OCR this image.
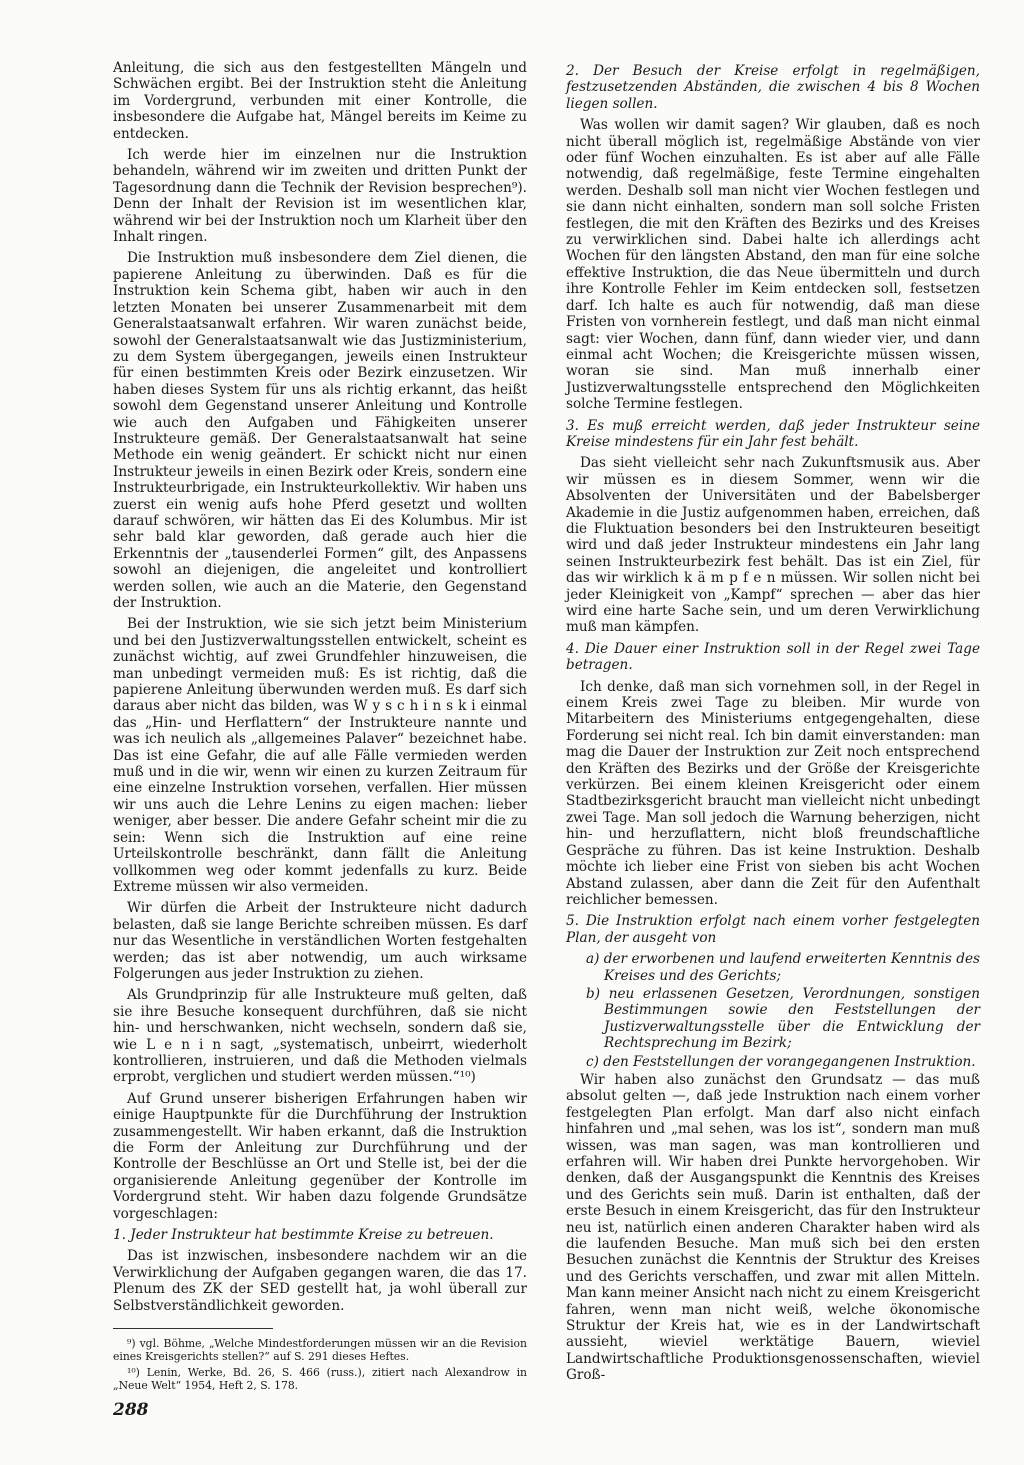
Anleitung, die sich aus den festgestellten Mängeln und Schwächen ergibt. Bei der Instruktion steht die Anleitung im Vordergrund, verbunden mit einer Kontrolle, die insbesondere die Aufgabe hat, Mängel bereits im Keime zu entdecken.

Ich werde hier im einzelnen nur die Instruktion behandeln, während wir im zweiten und dritten Punkt der Tagesordnung dann die Technik der Revision besprechen⁹). Denn der Inhalt der Revision ist im wesentlichen klar, während wir bei der Instruktion noch um Klarheit über den Inhalt ringen.

Die Instruktion muß insbesondere dem Ziel dienen, die papierene Anleitung zu überwinden. Daß es für die Instruktion kein Schema gibt, haben wir auch in den letzten Monaten bei unserer Zusammenarbeit mit dem Generalstaatsanwalt erfahren. Wir waren zunächst beide, sowohl der Generalstaatsanwalt wie das Justizministerium, zu dem System übergegangen, jeweils einen Instrukteur für einen bestimmten Kreis oder Bezirk einzusetzen. Wir haben dieses System für uns als richtig erkannt, das heißt sowohl dem Gegenstand unserer Anleitung und Kontrolle wie auch den Aufgaben und Fähigkeiten unserer Instrukteure gemäß. Der Generalstaatsanwalt hat seine Methode ein wenig geändert. Er schickt nicht nur einen Instrukteur jeweils in einen Bezirk oder Kreis, sondern eine Instrukteurbrigade, ein Instrukteurkollektiv. Wir haben uns zuerst ein wenig aufs hohe Pferd gesetzt und wollten darauf schwören, wir hätten das Ei des Kolumbus. Mir ist sehr bald klar geworden, daß gerade auch hier die Erkenntnis der „tausenderlei Formen“ gilt, des Anpassens sowohl an diejenigen, die angeleitet und kontrolliert werden sollen, wie auch an die Materie, den Gegenstand der Instruktion.

Bei der Instruktion, wie sie sich jetzt beim Ministerium und bei den Justizverwaltungsstellen entwickelt, scheint es zunächst wichtig, auf zwei Grundfehler hinzuweisen, die man unbedingt vermeiden muß: Es ist richtig, daß die papierene Anleitung überwunden werden muß. Es darf sich daraus aber nicht das bilden, was W y s c h i n s k i einmal das „Hin- und Herflattern“ der Instrukteure nannte und was ich neulich als „allgemeines Palaver“ bezeichnet habe. Das ist eine Gefahr, die auf alle Fälle vermieden werden muß und in die wir, wenn wir einen zu kurzen Zeitraum für eine einzelne Instruktion vorsehen, verfallen. Hier müssen wir uns auch die Lehre Lenins zu eigen machen: lieber weniger, aber besser. Die andere Gefahr scheint mir die zu sein: Wenn sich die Instruktion auf eine reine Urteilskontrolle beschränkt, dann fällt die Anleitung vollkommen weg oder kommt jedenfalls zu kurz. Beide Extreme müssen wir also vermeiden.

Wir dürfen die Arbeit der Instrukteure nicht dadurch belasten, daß sie lange Berichte schreiben müssen. Es darf nur das Wesentliche in verständlichen Worten festgehalten werden; das ist aber notwendig, um auch wirksame Folgerungen aus jeder Instruktion zu ziehen.

Als Grundprinzip für alle Instrukteure muß gelten, daß sie ihre Besuche konsequent durchführen, daß sie nicht hin- und herschwanken, nicht wechseln, sondern daß sie, wie L e n i n sagt, „systematisch, unbeirrt, wiederholt kontrollieren, instruieren, und daß die Methoden vielmals erprobt, verglichen und studiert werden müssen.“¹⁰)

Auf Grund unserer bisherigen Erfahrungen haben wir einige Hauptpunkte für die Durchführung der Instruktion zusammengestellt. Wir haben erkannt, daß die Instruktion die Form der Anleitung zur Durchführung und der Kontrolle der Beschlüsse an Ort und Stelle ist, bei der die organisierende Anleitung gegenüber der Kontrolle im Vordergrund steht. Wir haben dazu folgende Grundsätze vorgeschlagen:

1. Jeder Instrukteur hat bestimmte Kreise zu betreuen.

Das ist inzwischen, insbesondere nachdem wir an die Verwirklichung der Aufgaben gegangen waren, die das 17. Plenum des ZK der SED gestellt hat, ja wohl überall zur Selbstverständlichkeit geworden.

⁹) vgl. Böhme, „Welche Mindestforderungen müssen wir an die Revision eines Kreisgerichts stellen?“ auf S. 291 dieses Heftes.

¹⁰) Lenin, Werke, Bd. 26, S. 466 (russ.), zitiert nach Alexandrow in „Neue Welt“ 1954, Heft 2, S. 178.

2. Der Besuch der Kreise erfolgt in regelmäßigen, festzusetzenden Abständen, die zwischen 4 bis 8 Wochen liegen sollen.

Was wollen wir damit sagen? Wir glauben, daß es noch nicht überall möglich ist, regelmäßige Abstände von vier oder fünf Wochen einzuhalten. Es ist aber auf alle Fälle notwendig, daß regelmäßige, feste Termine eingehalten werden. Deshalb soll man nicht vier Wochen festlegen und sie dann nicht einhalten, sondern man soll solche Fristen festlegen, die mit den Kräften des Bezirks und des Kreises zu verwirklichen sind. Dabei halte ich allerdings acht Wochen für den längsten Abstand, den man für eine solche effektive Instruktion, die das Neue übermitteln und durch ihre Kontrolle Fehler im Keim entdecken soll, festsetzen darf. Ich halte es auch für notwendig, daß man diese Fristen von vornherein festlegt, und daß man nicht einmal sagt: vier Wochen, dann fünf, dann wieder vier, und dann einmal acht Wochen; die Kreisgerichte müssen wissen, woran sie sind. Man muß innerhalb einer Justizverwaltungsstelle entsprechend den Möglichkeiten solche Termine festlegen.

3. Es muß erreicht werden, daß jeder Instrukteur seine Kreise mindestens für ein Jahr fest behält.

Das sieht vielleicht sehr nach Zukunftsmusik aus. Aber wir müssen es in diesem Sommer, wenn wir die Absolventen der Universitäten und der Babelsberger Akademie in die Justiz aufgenommen haben, erreichen, daß die Fluktuation besonders bei den Instrukteuren beseitigt wird und daß jeder Instrukteur mindestens ein Jahr lang seinen Instrukteurbezirk fest behält. Das ist ein Ziel, für das wir wirklich k ä m p f e n müssen. Wir sollen nicht bei jeder Kleinigkeit von „Kampf“ sprechen — aber das hier wird eine harte Sache sein, und um deren Verwirklichung muß man kämpfen.

4. Die Dauer einer Instruktion soll in der Regel zwei Tage betragen.

Ich denke, daß man sich vornehmen soll, in der Regel in einem Kreis zwei Tage zu bleiben. Mir wurde von Mitarbeitern des Ministeriums entgegengehalten, diese Forderung sei nicht real. Ich bin damit einverstanden: man mag die Dauer der Instruktion zur Zeit noch entsprechend den Kräften des Bezirks und der Größe der Kreisgerichte verkürzen. Bei einem kleinen Kreisgericht oder einem Stadtbezirksgericht braucht man vielleicht nicht unbedingt zwei Tage. Man soll jedoch die Warnung beherzigen, nicht hin- und herzuflattern, nicht bloß freundschaftliche Gespräche zu führen. Das ist keine Instruktion. Deshalb möchte ich lieber eine Frist von sieben bis acht Wochen Abstand zulassen, aber dann die Zeit für den Aufenthalt reichlicher bemessen.

5. Die Instruktion erfolgt nach einem vorher festgelegten Plan, der ausgeht von

a) der erworbenen und laufend erweiterten Kenntnis des Kreises und des Gerichts;

b) neu erlassenen Gesetzen, Verordnungen, sonstigen Bestimmungen sowie den Feststellungen der Justizverwaltungsstelle über die Entwicklung der Rechtsprechung im Bezirk;

c) den Feststellungen der vorangegangenen Instruktion.

Wir haben also zunächst den Grundsatz — das muß absolut gelten —, daß jede Instruktion nach einem vorher festgelegten Plan erfolgt. Man darf also nicht einfach hinfahren und „mal sehen, was los ist“, sondern man muß wissen, was man sagen, was man kontrollieren und erfahren will. Wir haben drei Punkte hervorgehoben. Wir denken, daß der Ausgangspunkt die Kenntnis des Kreises und des Gerichts sein muß. Darin ist enthalten, daß der erste Besuch in einem Kreisgericht, das für den Instrukteur neu ist, natürlich einen anderen Charakter haben wird als die laufenden Besuche. Man muß sich bei den ersten Besuchen zunächst die Kenntnis der Struktur des Kreises und des Gerichts verschaffen, und zwar mit allen Mitteln. Man kann meiner Ansicht nach nicht zu einem Kreisgericht fahren, wenn man nicht weiß, welche ökonomische Struktur der Kreis hat, wie es in der Landwirtschaft aussieht, wieviel werktätige Bauern, wieviel Landwirtschaftliche Produktionsgenossenschaften, wieviel Groß-

288
